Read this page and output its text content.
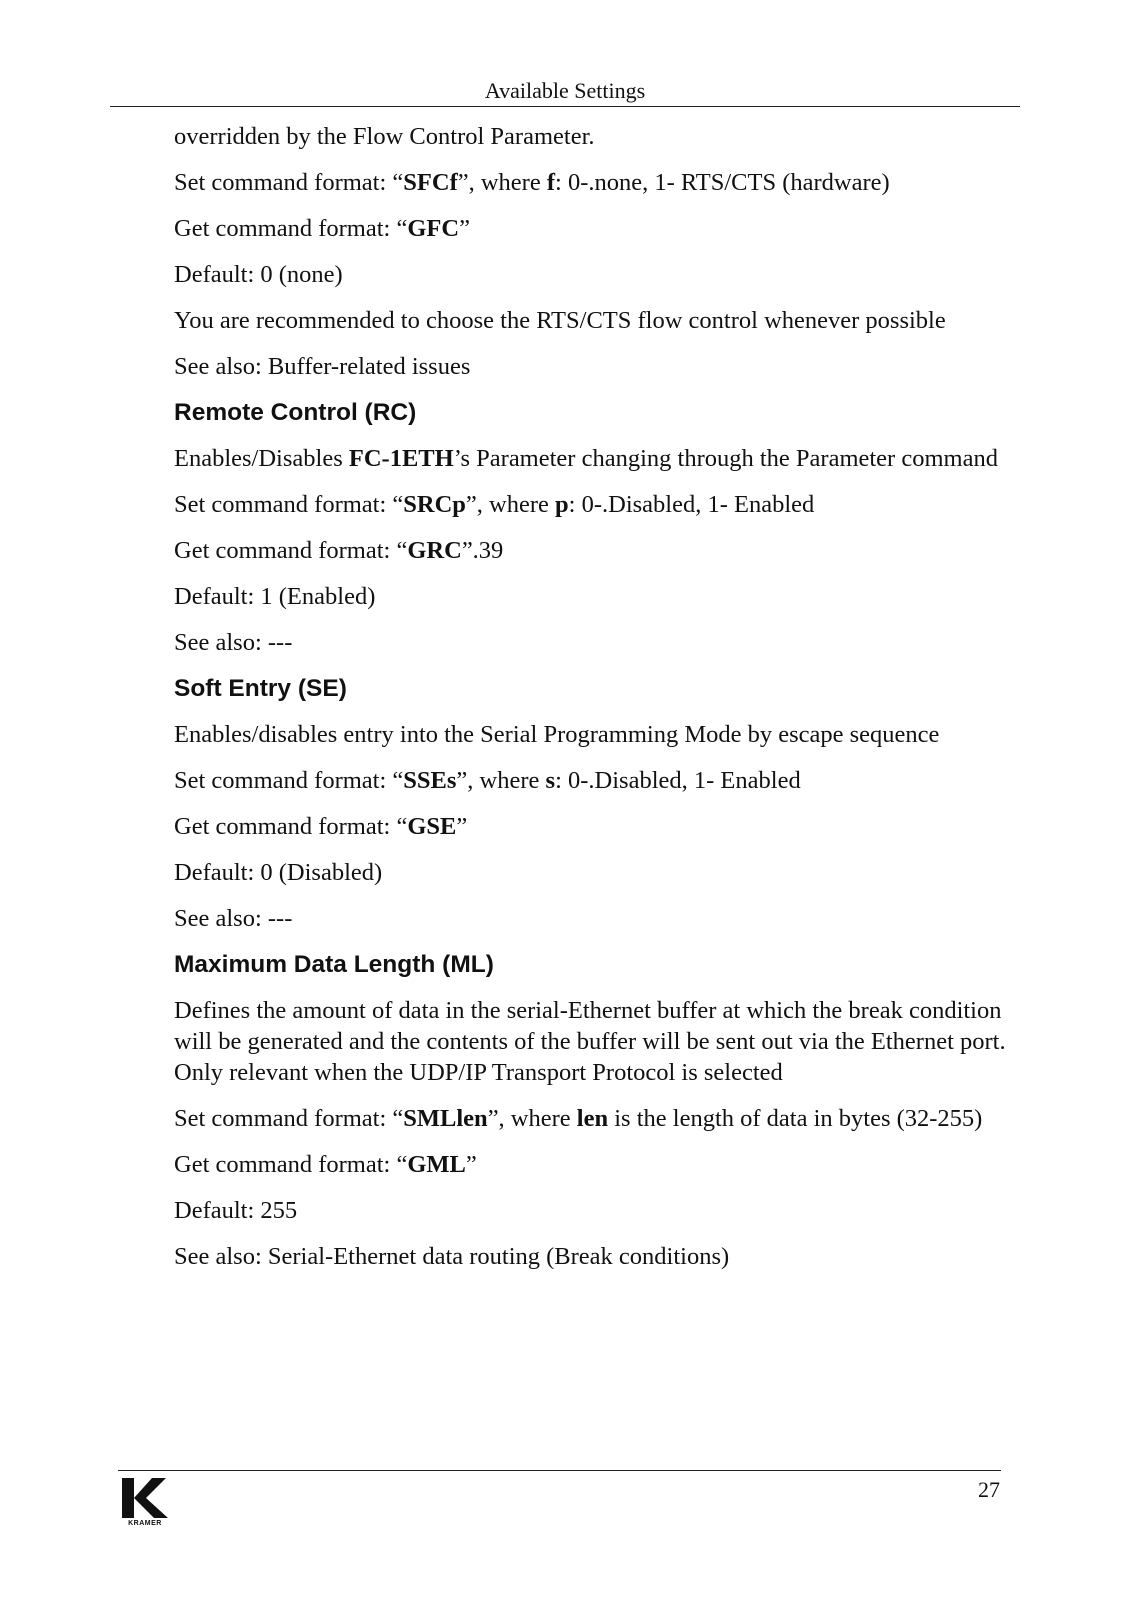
Available Settings
overridden by the Flow Control Parameter.
Set command format: “SFCf”, where f: 0-.none, 1- RTS/CTS (hardware)
Get command format: “GFC”
Default: 0 (none)
You are recommended to choose the RTS/CTS flow control whenever possible
See also: Buffer-related issues
Remote Control (RC)
Enables/Disables FC-1ETH’s Parameter changing through the Parameter command
Set command format: “SRCp”, where p: 0-.Disabled, 1- Enabled
Get command format: “GRC”.39
Default: 1 (Enabled)
See also: ---
Soft Entry (SE)
Enables/disables entry into the Serial Programming Mode by escape sequence
Set command format: “SSEs”, where s: 0-.Disabled, 1- Enabled
Get command format: “GSE”
Default: 0 (Disabled)
See also: ---
Maximum Data Length (ML)
Defines the amount of data in the serial-Ethernet buffer at which the break condition will be generated and the contents of the buffer will be sent out via the Ethernet port. Only relevant when the UDP/IP Transport Protocol is selected
Set command format: “SMLlen”, where len is the length of data in bytes (32-255)
Get command format: “GML”
Default: 255
See also: Serial-Ethernet data routing (Break conditions)
KRAMER
27
